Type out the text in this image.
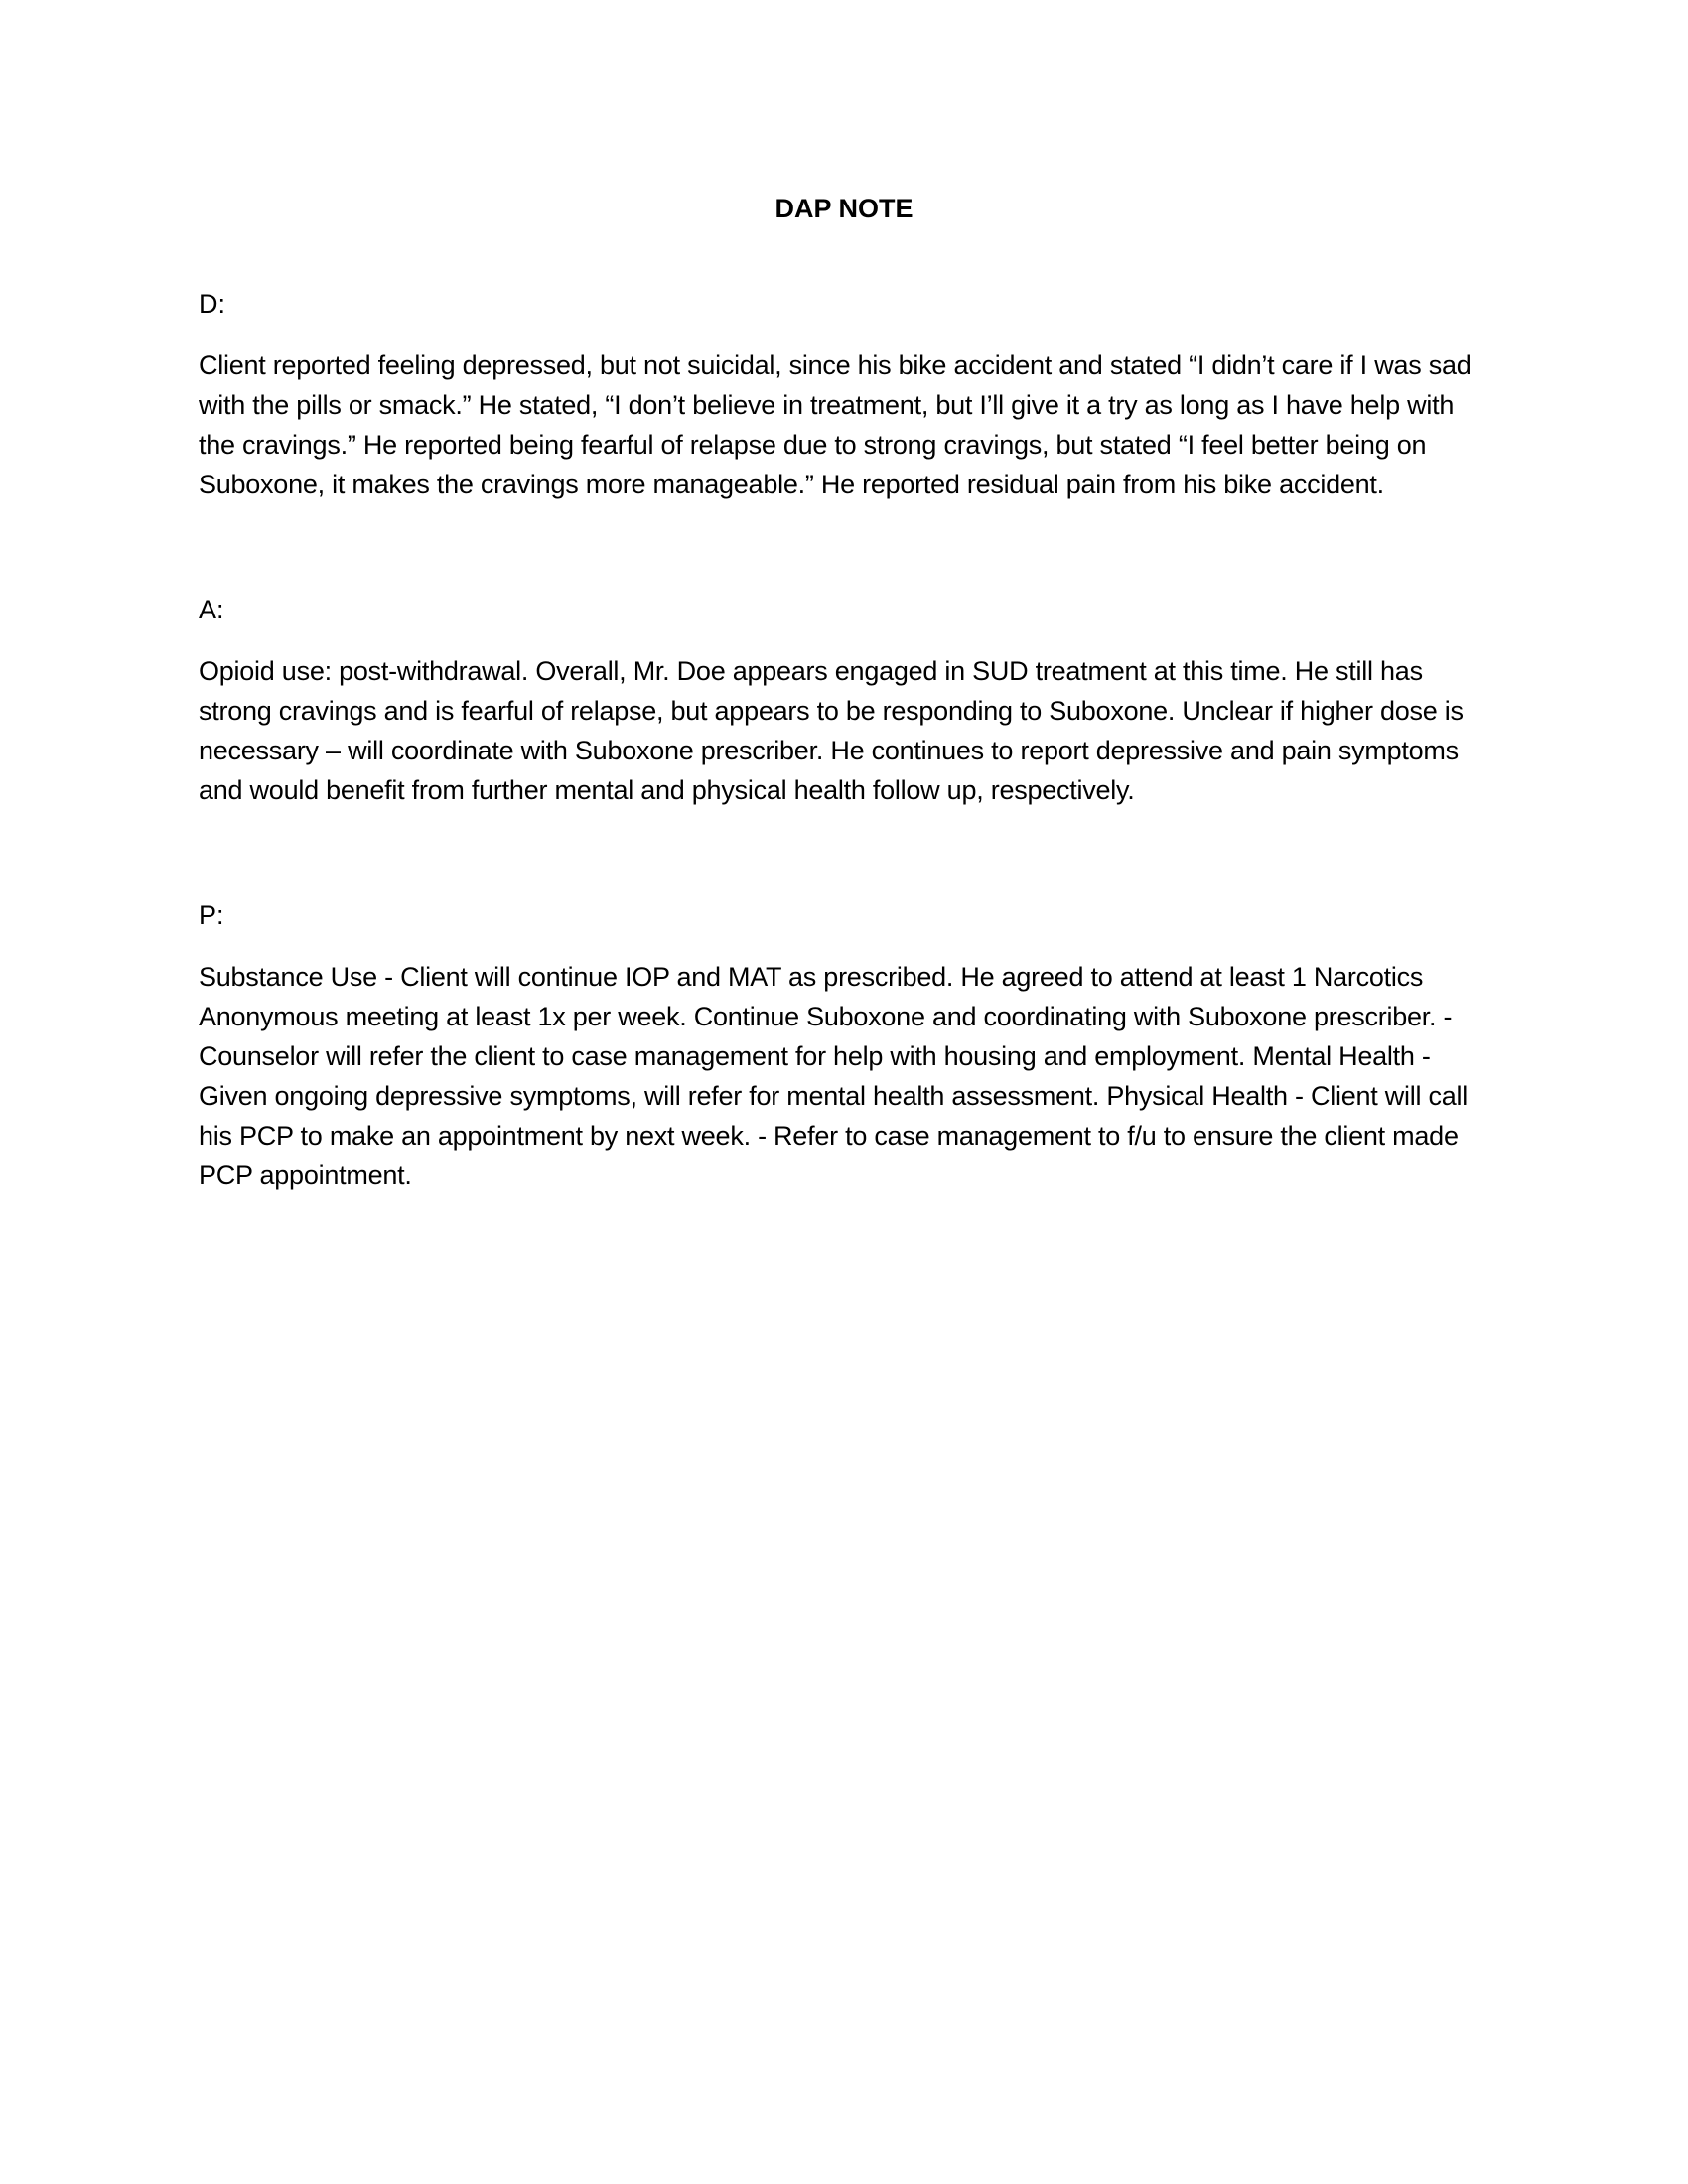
DAP NOTE
D:

Client reported feeling depressed, but not suicidal, since his bike accident and stated “I didn’t care if I was sad with the pills or smack.” He stated, “I don’t believe in treatment, but I’ll give it a try as long as I have help with the cravings.” He reported being fearful of relapse due to strong cravings, but stated “I feel better being on Suboxone, it makes the cravings more manageable.” He reported residual pain from his bike accident.

A:

Opioid use: post-withdrawal. Overall, Mr. Doe appears engaged in SUD treatment at this time. He still has strong cravings and is fearful of relapse, but appears to be responding to Suboxone. Unclear if higher dose is necessary – will coordinate with Suboxone prescriber. He continues to report depressive and pain symptoms and would benefit from further mental and physical health follow up, respectively.

P:

Substance Use - Client will continue IOP and MAT as prescribed. He agreed to attend at least 1 Narcotics Anonymous meeting at least 1x per week. Continue Suboxone and coordinating with Suboxone prescriber. - Counselor will refer the client to case management for help with housing and employment. Mental Health - Given ongoing depressive symptoms, will refer for mental health assessment. Physical Health - Client will call his PCP to make an appointment by next week. - Refer to case management to f/u to ensure the client made PCP appointment.
